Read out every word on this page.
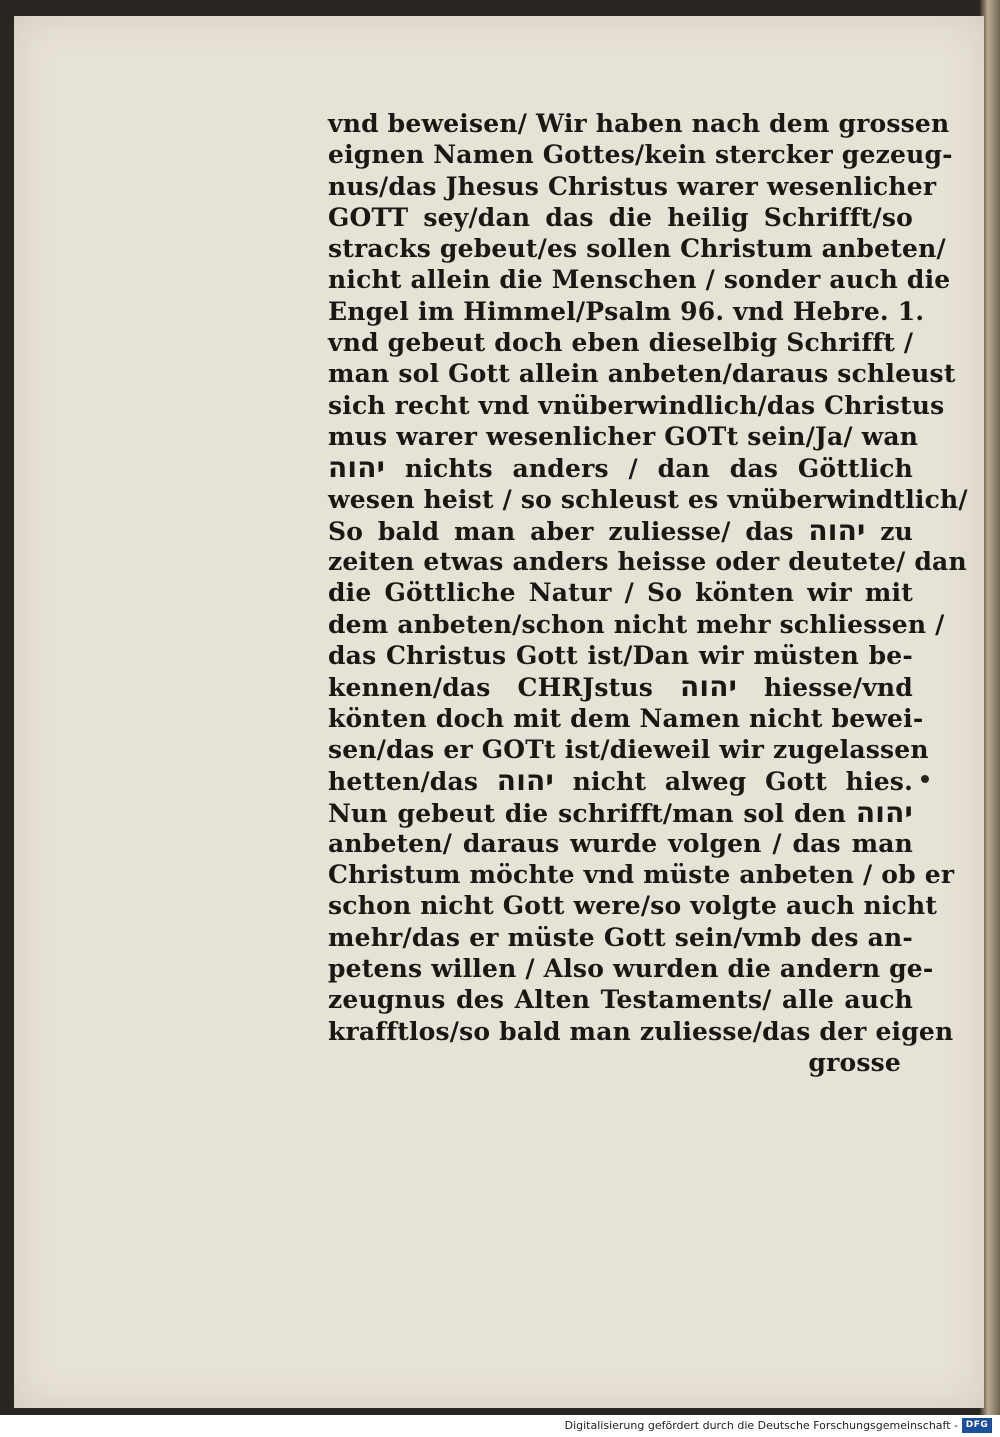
vnd beweisen/ Wir haben nach dem grossen
eignen Namen Gottes/kein stercker gezeug-
nus/das Jhesus Christus warer wesenlicher
GOTT sey/dan das die heilig Schrifft/so
stracks gebeut/es sollen Christum anbeten/
nicht allein die Menschen / sonder auch die
Engel im Himmel/Psalm 96. vnd Hebre. 1.
vnd gebeut doch eben dieselbig Schrifft /
man sol Gott allein anbeten/daraus schleust
sich recht vnd vnüberwindlich/das Christus
mus warer wesenlicher GOTt sein/Ja/ wan
יהוה nichts anders / dan das Göttlich
wesen heist / so schleust es vnüberwindtlich/
So bald man aber zuliesse/ das יהוה zu
zeiten etwas anders heisse oder deutete/ dan
die Göttliche Natur / So könten wir mit
dem anbeten/schon nicht mehr schliessen /
das Christus Gott ist/Dan wir müsten be-
kennen/das CHRJstus יהוה hiesse/vnd
könten doch mit dem Namen nicht bewei-
sen/das er GOTt ist/dieweil wir zugelassen
hetten/das יהוה nicht alweg Gott hies.
Nun gebeut die schrifft/man sol den יהוה
anbeten/ daraus wurde volgen / das man
Christum möchte vnd müste anbeten / ob er
schon nicht Gott were/so volgte auch nicht
mehr/das er müste Gott sein/vmb des an-
petens willen / Also wurden die andern ge-
zeugnus des Alten Testaments/ alle auch
krafftlos/so bald man zuliesse/das der eigen
grosse
Digitalisierung gefördert durch die Deutsche Forschungsgemeinschaft - DFG
